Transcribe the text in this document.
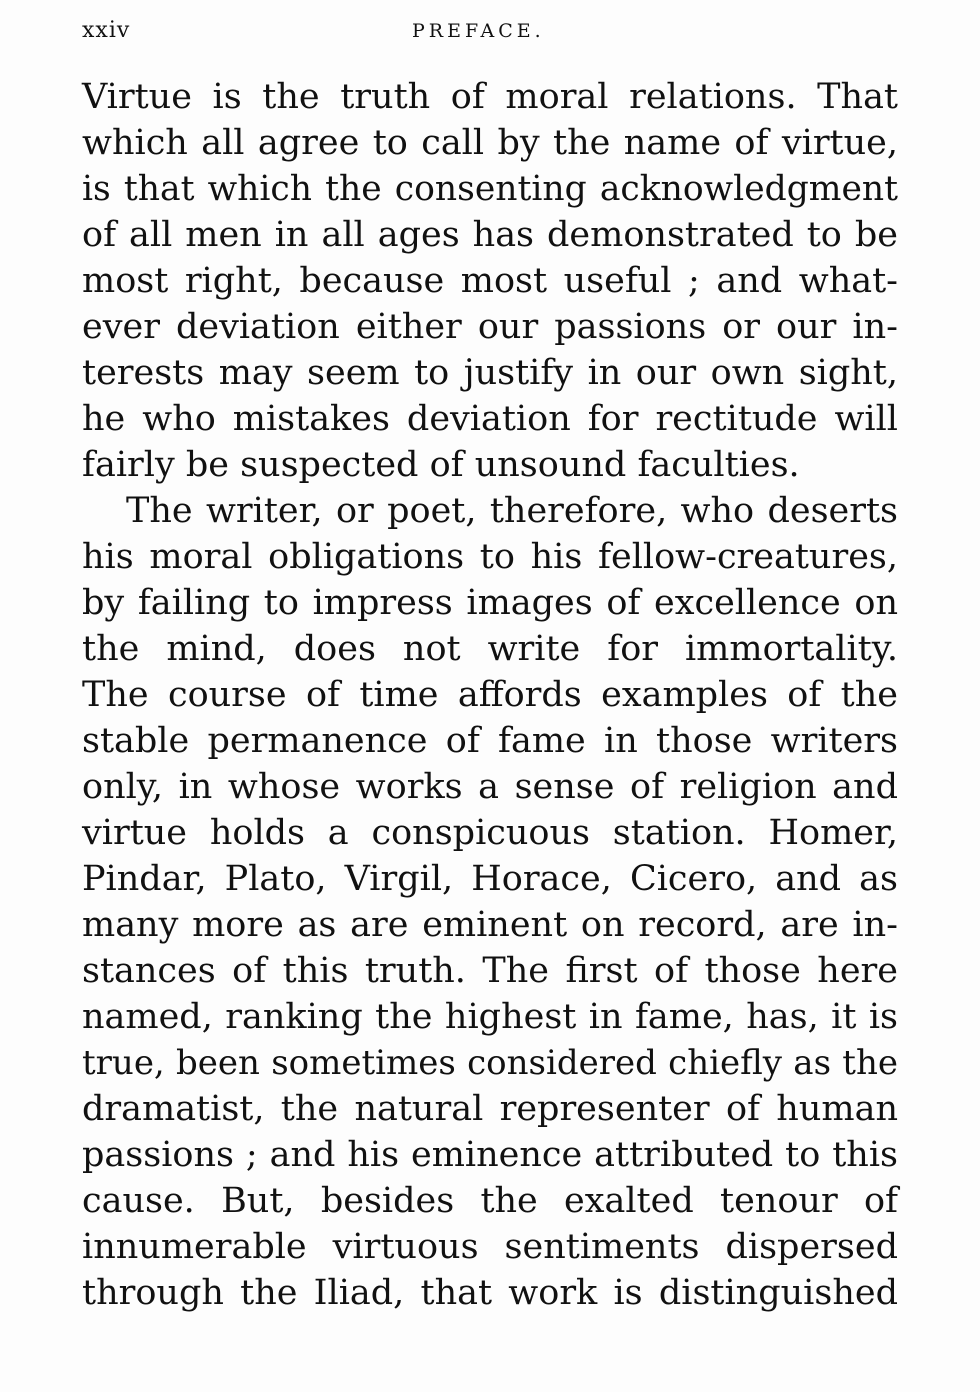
xxiv	PREFACE.
Virtue is the truth of moral relations. That
which all agree to call by the name of virtue,
is that which the consenting acknowledgment
of all men in all ages has demonstrated to be
most right, because most useful ; and what-
ever deviation either our passions or our in-
terests may seem to justify in our own sight,
he who mistakes deviation for rectitude will
fairly be suspected of unsound faculties.
The writer, or poet, therefore, who deserts
his moral obligations to his fellow-creatures,
by failing to impress images of excellence on
the mind, does not write for immortality.
The course of time affords examples of the
stable permanence of fame in those writers
only, in whose works a sense of religion and
virtue holds a conspicuous station. Homer,
Pindar, Plato, Virgil, Horace, Cicero, and as
many more as are eminent on record, are in-
stances of this truth. The first of those here
named, ranking the highest in fame, has, it is
true, been sometimes considered chiefly as the
dramatist, the natural representer of human
passions ; and his eminence attributed to this
cause. But, besides the exalted tenour of
innumerable virtuous sentiments dispersed
through the Iliad, that work is distinguished
